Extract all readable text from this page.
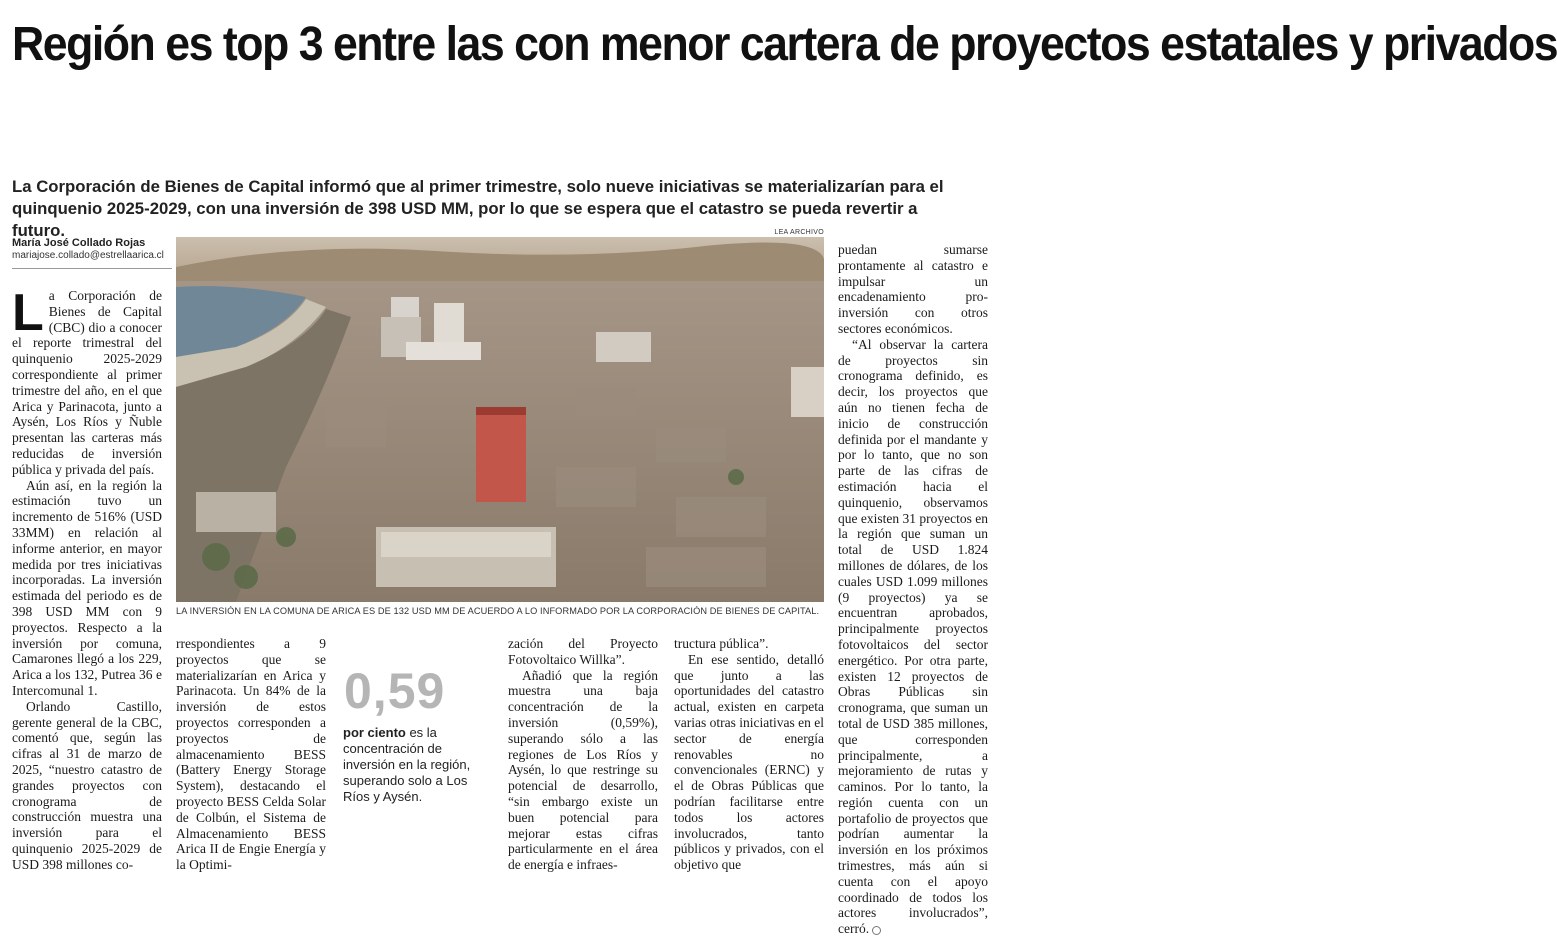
Región es top 3 entre las con menor cartera de proyectos estatales y privados

La Corporación de Bienes de Capital informó que al primer trimestre, solo nueve iniciativas se materializarían para el quinquenio 2025-2029, con una inversión de 398 USD MM, por lo que se espera que el catastro se pueda revertir a futuro.

María José Collado Rojas
mariajose.collado@estrellaarica.cl
LEA ARCHIVO
LA INVERSIÓN EN LA COMUNA DE ARICA ES DE 132 USD MM DE ACUERDO A LO INFORMADO POR LA CORPORACIÓN DE BIENES DE CAPITAL.

La Corporación de Bienes de Capital (CBC) dio a conocer el reporte trimestral del quinquenio 2025-2029 correspondiente al primer trimestre del año, en el que Arica y Parinacota, junto a Aysén, Los Ríos y Ñuble presentan las carteras más reducidas de inversión pública y privada del país.

Aún así, en la región la estimación tuvo un incremento de 516% (USD 33MM) en relación al informe anterior, en mayor medida por tres iniciativas incorporadas. La inversión estimada del periodo es de 398 USD MM con 9 proyectos. Respecto a la inversión por comuna, Camarones llegó a los 229, Arica a los 132, Putrea 36 e Intercomunal 1.

Orlando Castillo, gerente general de la CBC, comentó que, según las cifras al 31 de marzo de 2025, “nuestro catastro de grandes proyectos con cronograma de construcción muestra una inversión para el quinquenio 2025-2029 de USD 398 millones co-

rrespondientes a 9 proyectos que se materializarían en Arica y Parinacota. Un 84% de la inversión de estos proyectos corresponden a proyectos de almacenamiento BESS (Battery Energy Storage System), destacando el proyecto BESS Celda Solar de Colbún, el Sistema de Almacenamiento BESS Arica II de Engie Energía y la Optimi-

0,59
por ciento es la concentración de inversión en la región, superando solo a Los Ríos y Aysén.

zación del Proyecto Fotovoltaico Willka”.

Añadió que la región muestra una baja concentración de la inversión (0,59%), superando sólo a las regiones de Los Ríos y Aysén, lo que restringe su potencial de desarrollo, “sin embargo existe un buen potencial para mejorar estas cifras particularmente en el área de energía e infraes-

tructura pública”.

En ese sentido, detalló que junto a las oportunidades del catastro actual, existen en carpeta varias otras iniciativas en el sector de energía renovables no convencionales (ERNC) y el de Obras Públicas que podrían facilitarse entre todos los actores involucrados, tanto públicos y privados, con el objetivo que

puedan sumarse prontamente al catastro e impulsar un encadenamiento pro-inversión con otros sectores económicos.

“Al observar la cartera de proyectos sin cronograma definido, es decir, los proyectos que aún no tienen fecha de inicio de construcción definida por el mandante y por lo tanto, que no son parte de las cifras de estimación hacia el quinquenio, observamos que existen 31 proyectos en la región que suman un total de USD 1.824 millones de dólares, de los cuales USD 1.099 millones (9 proyectos) ya se encuentran aprobados, principalmente proyectos fotovoltaicos del sector energético. Por otra parte, existen 12 proyectos de Obras Públicas sin cronograma, que suman un total de USD 385 millones, que corresponden principalmente, a mejoramiento de rutas y caminos. Por lo tanto, la región cuenta con un portafolio de proyectos que podrían aumentar la inversión en los próximos trimestres, más aún si cuenta con el apoyo coordinado de todos los actores involucrados”, cerró.
